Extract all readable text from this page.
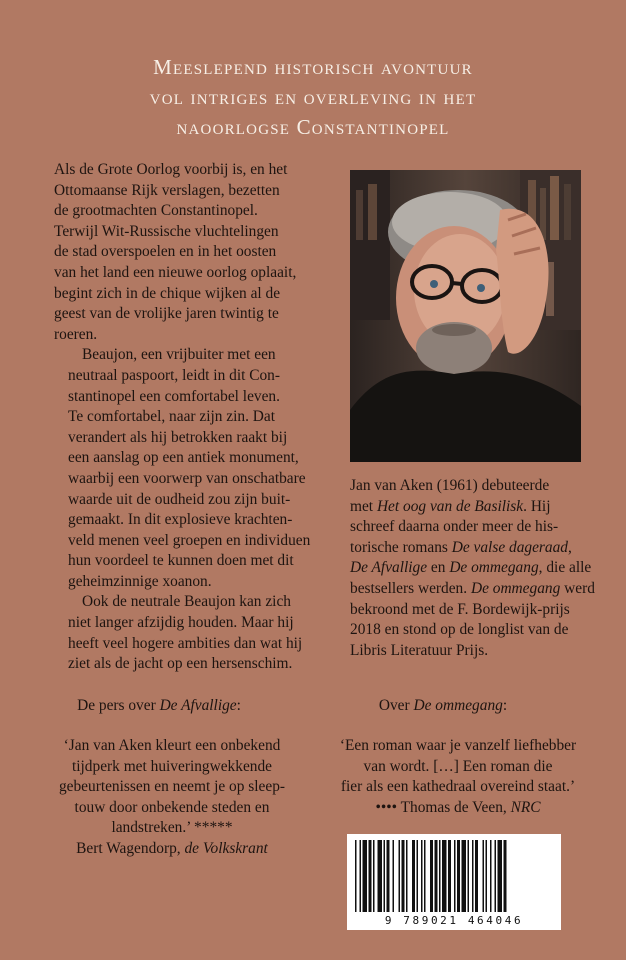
Meeslepend historisch avontuur
vol intriges en overleving in het
naoorlogse Constantinopel

Als de Grote Oorlog voorbij is, en het
Ottomaanse Rijk verslagen, bezetten
de grootmachten Constantinopel.
Terwijl Wit-Russische vluchtelingen
de stad overspoelen en in het oosten
van het land een nieuwe oorlog oplaait,
begint zich in de chique wijken al de
geest van de vrolijke jaren twintig te
roeren.

Beaujon, een vrijbuiter met een
neutraal paspoort, leidt in dit Con-
stantinopel een comfortabel leven.
Te comfortabel, naar zijn zin. Dat
verandert als hij betrokken raakt bij
een aanslag op een antiek monument,
waarbij een voorwerp van onschatbare
waarde uit de oudheid zou zijn buit-
gemaakt. In dit explosieve krachten-
veld menen veel groepen en individuen
hun voordeel te kunnen doen met dit
geheimzinnige xoanon.

Ook de neutrale Beaujon kan zich
niet langer afzijdig houden. Maar hij
heeft veel hogere ambities dan wat hij
ziet als de jacht op een hersenschim.

Jan van Aken (1961) debuteerde
met Het oog van de Basilisk. Hij
schreef daarna onder meer de his-
torische romans De valse dageraad,
De Afvallige en De ommegang, die alle
bestsellers werden. De ommegang werd
bekroond met de F. Bordewijk-prijs
2018 en stond op de longlist van de
Libris Literatuur Prijs.
De pers over De Afvallige:	Over De ommegang:
‘Jan van Aken kleurt een onbekend
tijdperk met huiveringwekkende
gebeurtenissen en neemt je op sleep-
touw door onbekende steden en
landstreken.’ *****
Bert Wagendorp, de Volkskrant
‘Een roman waar je vanzelf liefhebber
van wordt. […] Een roman die
fier als een kathedraal overeind staat.’
•••• Thomas de Veen, NRC
9 789021 464046
